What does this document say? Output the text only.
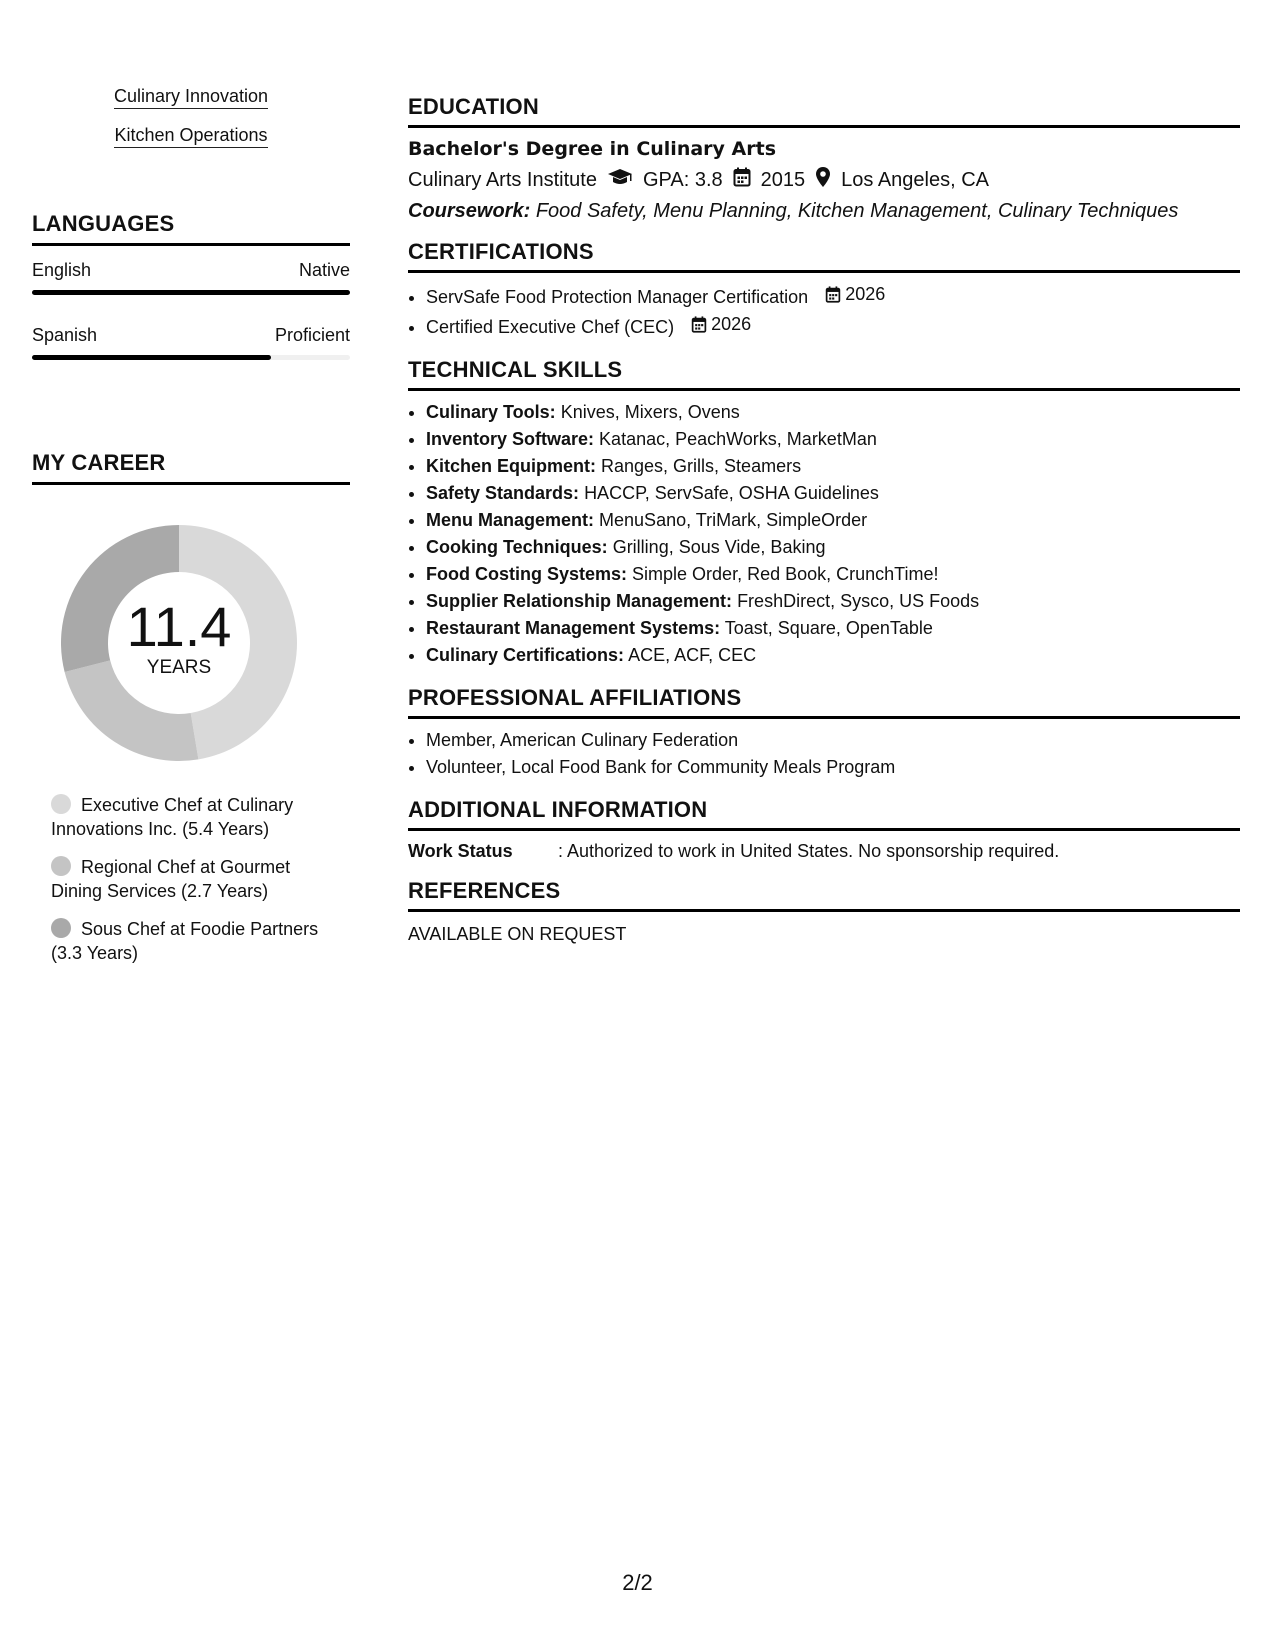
Culinary Innovation
Kitchen Operations
LANGUAGES
English	Native
Spanish	Proficient
MY CAREER
11.4
YEARS
Executive Chef at Culinary Innovations Inc. (5.4 Years)
Regional Chef at Gourmet Dining Services (2.7 Years)
Sous Chef at Foodie Partners (3.3 Years)
EDUCATION
Bachelor's Degree in Culinary Arts
Culinary Arts Institute GPA: 3.8 2015 Los Angeles, CA
Coursework: Food Safety, Menu Planning, Kitchen Management, Culinary Techniques
CERTIFICATIONS
• ServSafe Food Protection Manager Certification 2026
• Certified Executive Chef (CEC) 2026
TECHNICAL SKILLS
• Culinary Tools: Knives, Mixers, Ovens
• Inventory Software: Katanac, PeachWorks, MarketMan
• Kitchen Equipment: Ranges, Grills, Steamers
• Safety Standards: HACCP, ServSafe, OSHA Guidelines
• Menu Management: MenuSano, TriMark, SimpleOrder
• Cooking Techniques: Grilling, Sous Vide, Baking
• Food Costing Systems: Simple Order, Red Book, CrunchTime!
• Supplier Relationship Management: FreshDirect, Sysco, US Foods
• Restaurant Management Systems: Toast, Square, OpenTable
• Culinary Certifications: ACE, ACF, CEC
PROFESSIONAL AFFILIATIONS
• Member, American Culinary Federation
• Volunteer, Local Food Bank for Community Meals Program
ADDITIONAL INFORMATION
Work Status	: Authorized to work in United States. No sponsorship required.
REFERENCES
AVAILABLE ON REQUEST
2/2
